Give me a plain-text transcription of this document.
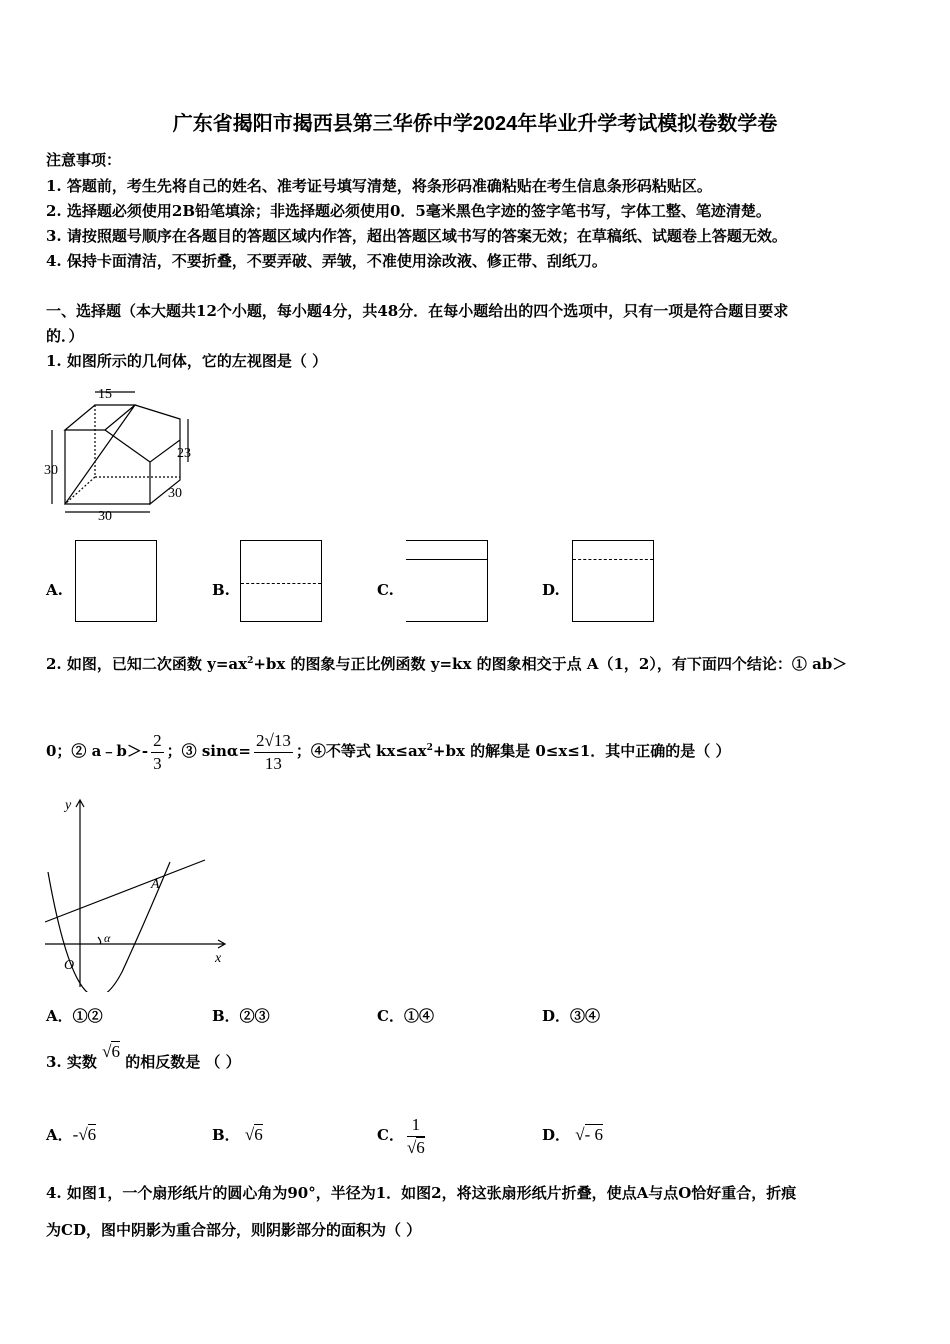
广东省揭阳市揭西县第三华侨中学2024年毕业升学考试模拟卷数学卷
注意事项：
1. 答题前，考生先将自己的姓名、准考证号填写清楚，将条形码准确粘贴在考生信息条形码粘贴区。
2. 选择题必须使用2B铅笔填涂；非选择题必须使用0．5毫米黑色字迹的签字笔书写，字体工整、笔迹清楚。
3. 请按照题号顺序在各题目的答题区域内作答，超出答题区域书写的答案无效；在草稿纸、试题卷上答题无效。
4. 保持卡面清洁，不要折叠，不要弄破、弄皱，不准使用涂改液、修正带、刮纸刀。
一、选择题（本大题共12个小题，每小题4分，共48分．在每小题给出的四个选项中，只有一项是符合题目要求
的．）
1. 如图所示的几何体，它的左视图是（ ）
15
23
30
30
30
A.	B.	C.	D.
2. 如图，已知二次函数 $y=ax^2+bx$ 的图象与正比例函数 y=kx 的图象相交于点 A（1，2），有下面四个结论：① ab＞
0；② a﹣b＞- $\frac{2}{3}$ ；③ $\sin\alpha= \frac{2√13}{13}$ ；④不等式 $kx\le ax^2+bx$ 的解集是 0≤x≤1．其中正确的是（ ）
y
x
O
A
α
A．①②	B．②③	C．①④	D．③④
3. 实数 √6 的相反数是 （ ）
A．-√6	B． √6	C． $\frac{1}{√6}$	D． √- 6
4. 如图1，一个扇形纸片的圆心角为90°，半径为1．如图2，将这张扇形纸片折叠，使点A与点O恰好重合，折痕
为CD，图中阴影为重合部分，则阴影部分的面积为（ ）
